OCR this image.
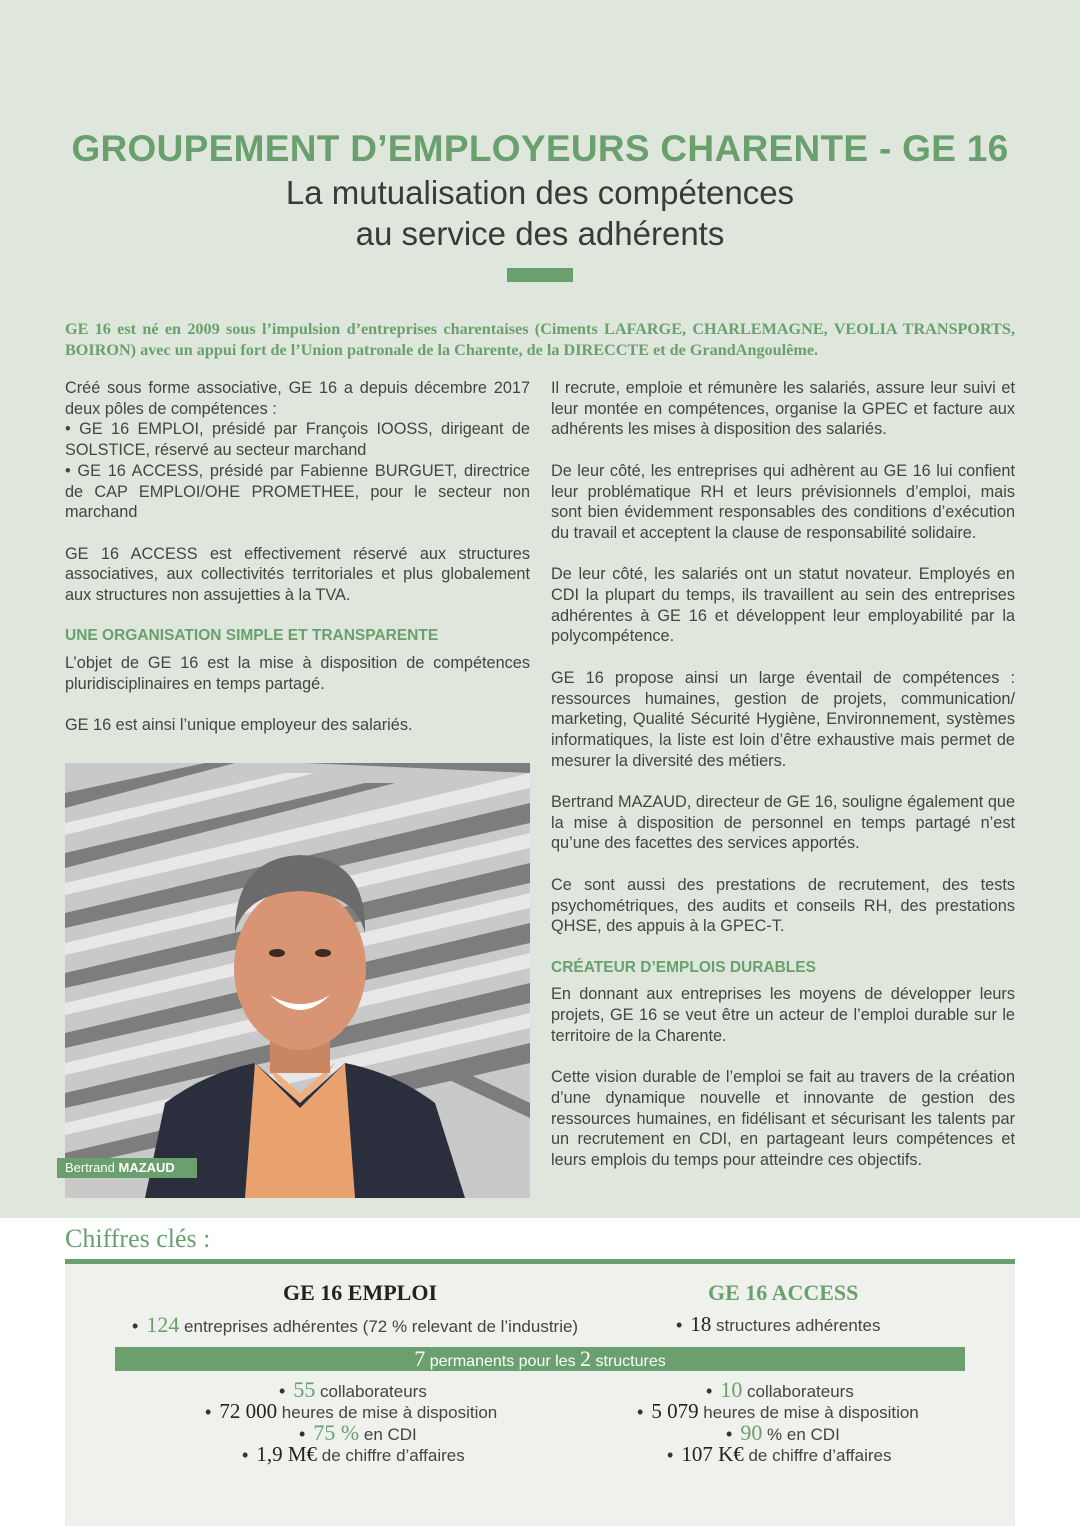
GROUPEMENT D’EMPLOYEURS CHARENTE - GE 16
La mutualisation des compétences
au service des adhérents
GE 16 est né en 2009 sous l’impulsion d’entreprises charentaises (Ciments LAFARGE, CHARLEMAGNE, VEOLIA TRANSPORTS, BOIRON) avec un appui fort de l’Union patronale de la Charente, de la DIRECCTE et de GrandAngoulême.

Créé sous forme associative, GE 16 a depuis décembre 2017 deux pôles de compétences :

• GE 16 EMPLOI, présidé par François IOOSS, dirigeant de SOLSTICE, réservé au secteur marchand

• GE 16 ACCESS, présidé par Fabienne BURGUET, directrice de CAP EMPLOI/OHE PROMETHEE, pour le secteur non marchand

GE 16 ACCESS est effectivement réservé aux structures associatives, aux collectivités territoriales et plus globalement aux structures non assujetties à la TVA.

UNE ORGANISATION SIMPLE ET TRANSPARENTE

L’objet de GE 16 est la mise à disposition de compétences pluridisciplinaires en temps partagé.

GE 16 est ainsi l’unique employeur des salariés.

Bertrand MAZAUD

Il recrute, emploie et rémunère les salariés, assure leur suivi et leur montée en compétences, organise la GPEC et facture aux adhérents les mises à disposition des salariés.

De leur côté, les entreprises qui adhèrent au GE 16 lui confient leur problématique RH et leurs prévisionnels d’emploi, mais sont bien évidemment responsables des conditions d’exécution du travail et acceptent la clause de responsabilité solidaire.

De leur côté, les salariés ont un statut novateur. Employés en CDI la plupart du temps, ils travaillent au sein des entreprises adhérentes à GE 16 et développent leur employabilité par la polycompétence.

GE 16 propose ainsi un large éventail de compétences : ressources humaines, gestion de projets, communication/ marketing, Qualité Sécurité Hygiène, Environnement, systèmes informatiques, la liste est loin d’être exhaustive mais permet de mesurer la diversité des métiers.

Bertrand MAZAUD, directeur de GE 16, souligne également que la mise à disposition de personnel en temps partagé n’est qu’une des facettes des services apportés.

Ce sont aussi des prestations de recrutement, des tests psychométriques, des audits et conseils RH, des prestations QHSE, des appuis à la GPEC-T.

CRÉATEUR D’EMPLOIS DURABLES

En donnant aux entreprises les moyens de développer leurs projets, GE 16 se veut être un acteur de l’emploi durable sur le territoire de la Charente.

Cette vision durable de l’emploi se fait au travers de la création d’une dynamique nouvelle et innovante de gestion des ressources humaines, en fidélisant et sécurisant les talents par un recrutement en CDI, en partageant leurs compétences et leurs emplois du temps pour atteindre ces objectifs.

Chiffres clés :
GE 16 EMPLOI	GE 16 ACCESS
• 124 entreprises adhérentes (72 % relevant de l’industrie)	• 18 structures adhérentes
7 permanents pour les 2 structures
• 55 collaborateurs
• 72 000 heures de mise à disposition
• 75 % en CDI
• 1,9 M€ de chiffre d’affaires
• 10 collaborateurs
• 5 079 heures de mise à disposition
• 90 % en CDI
• 107 K€ de chiffre d’affaires
